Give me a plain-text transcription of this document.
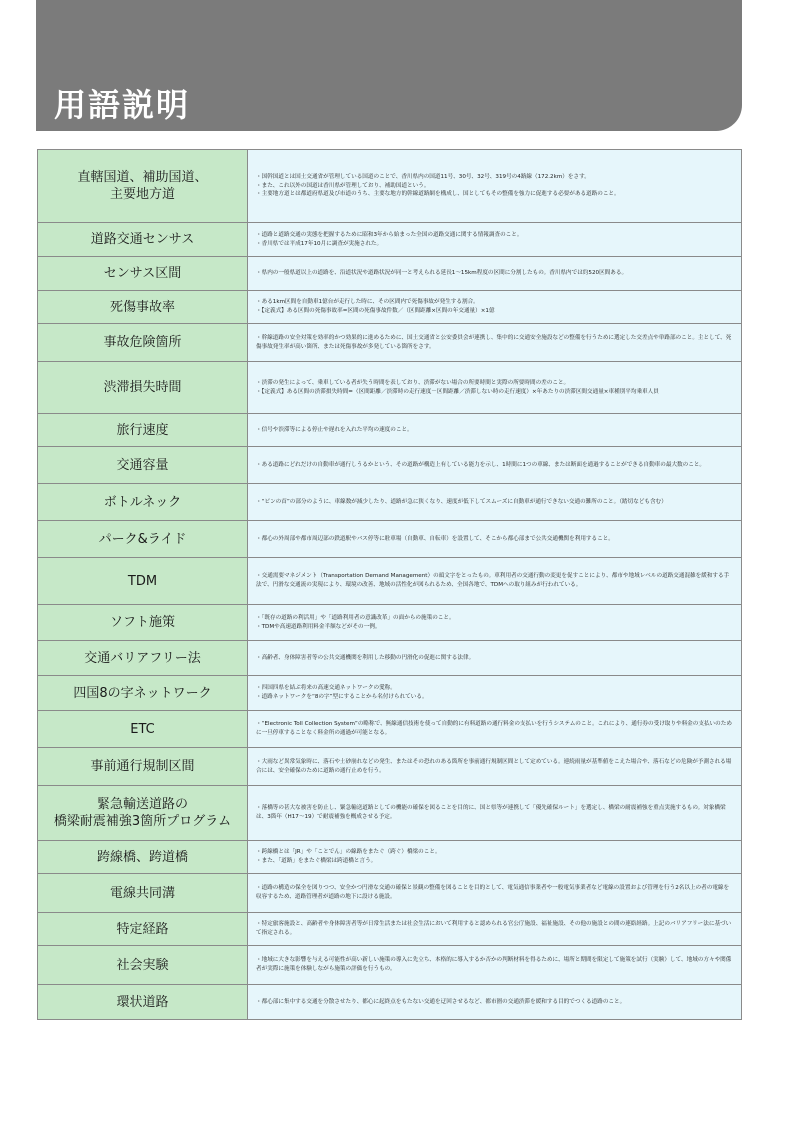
用語説明
直轄国道、補助国道、
主要地方道	・国幹国道とは国土交通省が管理している国道のことで、香川県内の国道11号、30号、32号、319号の4路線（172.2km）をさす。
・また、これ以外の国道は香川県が管理しており、補助国道という。
・主要地方道とは都道府県道及び市道のうち、主要な地方的幹線道路網を構成し、国としてもその整備を強力に促進する必要がある道路のこと。

道路交通センサス	・道路と道路交通の実態を把握するために昭和3年から始まった全国の道路交通に関する情報調査のこと。
・香川県では平成17年10月に調査が実施された。

センサス区間	・県内の一般県道以上の道路を、沿道状況や道路状況が同一と考えられる延長1～15km程度の区間に分割したもの。香川県内では約520区間ある。

死傷事故率	・ある1km区間を自動車1億台が走行した時に、その区間内で死傷事故が発生する割合。
・【定義式】ある区間の死傷事故率=区間の死傷事故件数／（区間距離×区間の年交通量）×1億

事故危険箇所	・幹線道路の安全対策を効率的かつ効果的に進めるために、国土交通省と公安委員会が連携し、集中的に交通安全施設などの整備を行うために選定した交差点や単路部のこと。主として、死傷事故発生率が高い箇所、または死傷事故が多発している箇所をさす。

渋滞損失時間	・渋滞の発生によって、乗車している者が失う時間を表しており、渋滞がない場合の所要時間と実際の所要時間の差のこと。
・【定義式】ある区間の渋滞損失時間=（区間距離／渋滞時の走行速度－区間距離／渋滞しない時の走行速度）×年あたりの渋滞区間交通量×車種別平均乗車人員

旅行速度	・信号や渋滞等による停止や遅れを入れた平均の速度のこと。

交通容量	・ある道路にどれだけの自動車が通行しうるかという、その道路が構造上有している能力を示し、1時間に1つの車線、または断面を通過することができる自動車の最大数のこと。

ボトルネック	・“ビンの首”の部分のように、車線数が減少したり、道路が急に狭くなり、速度が低下してスムーズに自動車が通行できない交通の難所のこと。（踏切なども含む）

パーク&ライド	・都心の外周部や都市周辺部の鉄道駅やバス停等に駐車場（自動車、自転車）を設置して、そこから都心部まで公共交通機関を利用すること。

TDM	・交通需要マネジメント（Transportation Demand Management）の頭文字をとったもの。車利用者の交通行動の変更を促すことにより、都市や地域レベルの道路交通混雑を緩和する手法で、円滑な交通流の実現により、環境の改善、地域の活性化が図られるため、全国各地で、TDMへの取り組みが行われている。

ソフト施策	・「既存の道路の利活用」や「道路利用者の意識改革」の面からの施策のこと。
・TDMや高速道路利用料金半額などがその一例。

交通バリアフリー法	・高齢者、身体障害者等の公共交通機関を利用した移動の円滑化の促進に関する法律。

四国8の字ネットワーク	・四国四県を結ぶ将来の高速交通ネットワークの愛称。
・道路ネットワークを“8の字”型にすることから名付けられている。

ETC	・“Electronic Toll Collection System”の略称で、無線通信技術を使って自動的に有料道路の通行料金の支払いを行うシステムのこと。これにより、通行券の受け取りや料金の支払いのために一旦停車することなく料金所の通過が可能となる。

事前通行規制区間	・大雨など異常気象時に、落石や土砂崩れなどの発生、またはその恐れのある箇所を事前通行規制区間として定めている。連続雨量が基準値をこえた場合や、落石などの危険が予測される場合には、安全確保のために道路の通行止めを行う。

緊急輸送道路の
橋梁耐震補強3箇所プログラム	・落橋等の甚大な被害を防止し、緊急輸送道路としての機能の確保を図ることを目的に、国と県等が連携して「優先確保ルート」を選定し、橋梁の耐震補強を重点実施するもの。対象橋梁は、3箇年（H17～19）で耐震補強を概成させる予定。

跨線橋、跨道橋	・跨線橋とは「JR」や「ことでん」の線路をまたぐ（跨ぐ）橋梁のこと。
・また、「道路」をまたぐ橋梁は跨道橋と言う。

電線共同溝	・道路の構造の保全を図りつつ、安全かつ円滑な交通の確保と景観の整備を図ることを目的として、電気通信事業者や一般電気事業者など電線の設置および管理を行う2名以上の者の電線を収容するため、道路管理者が道路の地下に設ける施設。

特定経路	・特定旅客施設と、高齢者や身体障害者等が日常生活または社会生活において利用すると認められる官公庁施設、福祉施設、その他の施設との間の連絡経路。上記のバリアフリー法に基づいて指定される。

社会実験	・地域に大きな影響を与える可能性が高い新しい施策の導入に先立ち、本格的に導入するか否かの判断材料を得るために、場所と期間を限定して施策を試行（実験）して、地域の方々や関係者が実際に施策を体験しながら施策の評価を行うもの。

環状道路	・都心部に集中する交通を分散させたり、都心に起終点をもたない交通を迂回させるなど、都市圏の交通渋滞を緩和する目的でつくる道路のこと。
